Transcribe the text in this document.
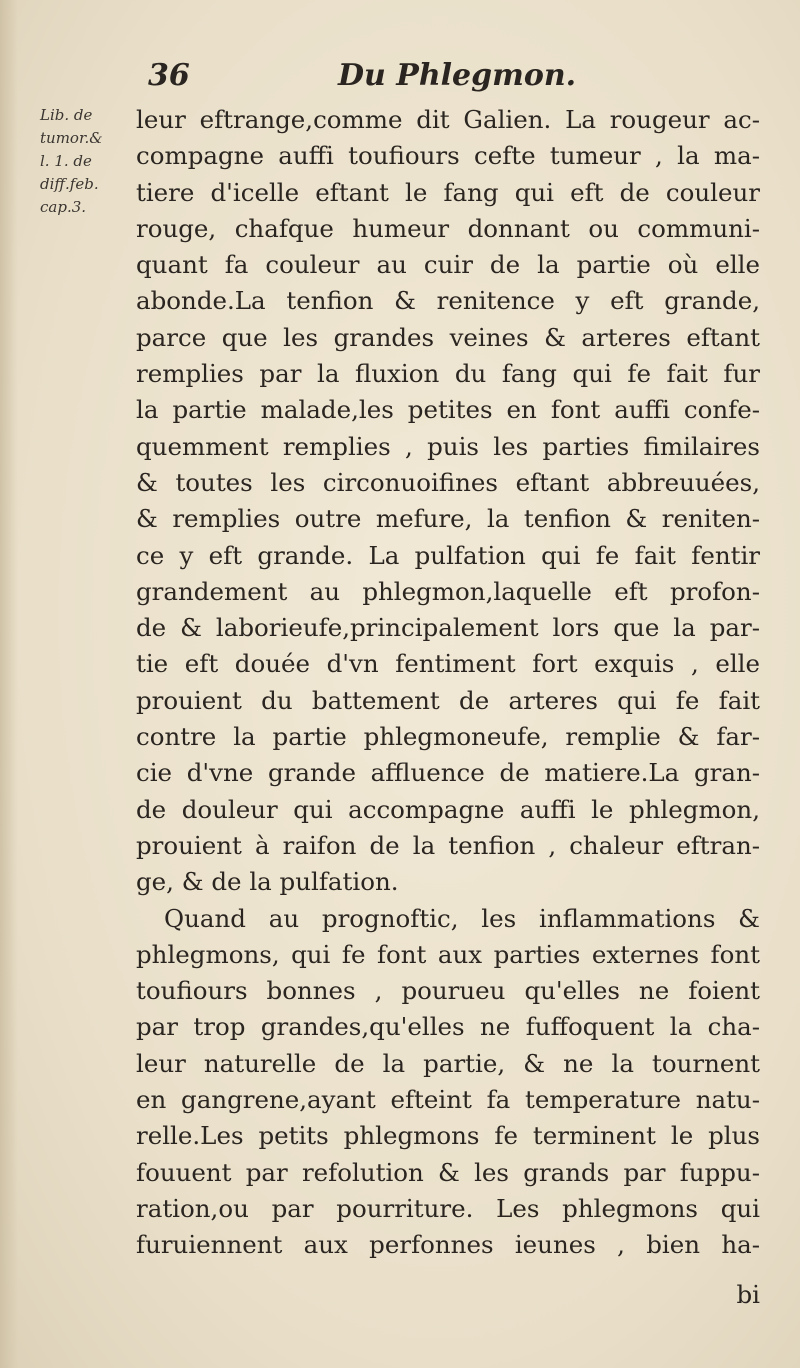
36	Du Phlegmon.
Lib. de
tumor.&
l. 1. de
diff.feb.
cap.3.
leur eftrange,comme dit Galien. La rougeur ac-
compagne auffi toufiours cefte tumeur , la ma-
tiere d'icelle eftant le fang qui eft de couleur
rouge, chafque humeur donnant ou communi-
quant fa couleur au cuir de la partie où elle
abonde.La tenfion & renitence y eft grande,
parce que les grandes veines & arteres eftant
remplies par la fluxion du fang qui fe fait fur
la partie malade,les petites en font auffi confe-
quemment remplies , puis les parties fimilaires
& toutes les circonuoifines eftant abbreuuées,
& remplies outre mefure, la tenfion & reniten-
ce y eft grande. La pulfation qui fe fait fentir
grandement au phlegmon,laquelle eft profon-
de & laborieufe,principalement lors que la par-
tie eft douée d'vn fentiment fort exquis , elle
prouient du battement de arteres qui fe fait
contre la partie phlegmoneufe, remplie & far-
cie d'vne grande affluence de matiere.La gran-
de douleur qui accompagne auffi le phlegmon,
prouient à raifon de la tenfion , chaleur eftran-
ge, & de la pulfation.
Quand au prognoftic, les inflammations &
phlegmons, qui fe font aux parties externes font
toufiours bonnes , pourueu qu'elles ne foient
par trop grandes,qu'elles ne fuffoquent la cha-
leur naturelle de la partie, & ne la tournent
en gangrene,ayant efteint fa temperature natu-
relle.Les petits phlegmons fe terminent le plus
fouuent par refolution & les grands par fuppu-
ration,ou par pourriture. Les phlegmons qui
furuiennent aux perfonnes ieunes , bien ha-
bi
